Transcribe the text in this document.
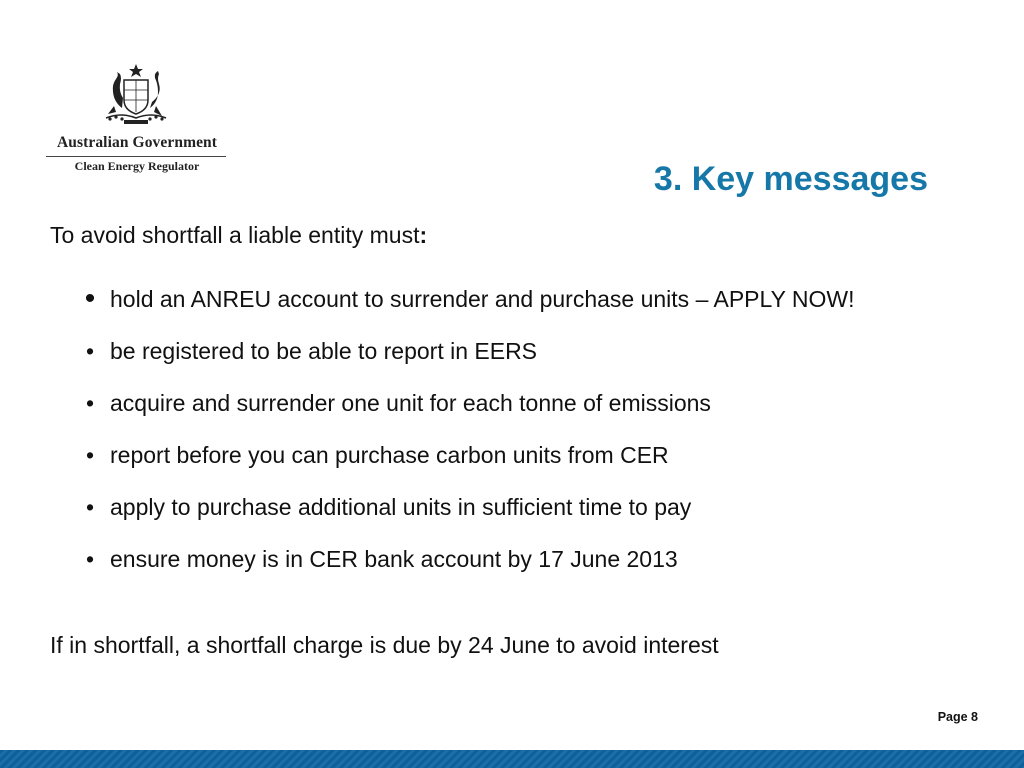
Australian Government
Clean Energy Regulator	3. Key messages
To avoid shortfall a liable entity must:
• hold an ANREU account to surrender and purchase units – APPLY NOW!
• be registered to be able to report in EERS
• acquire and surrender one unit for each tonne of emissions
• report before you can purchase carbon units from CER
• apply to purchase additional units in sufficient time to pay
• ensure money is in CER bank account by 17 June 2013
If in shortfall, a shortfall charge is due by 24 June to avoid interest
Page 8
